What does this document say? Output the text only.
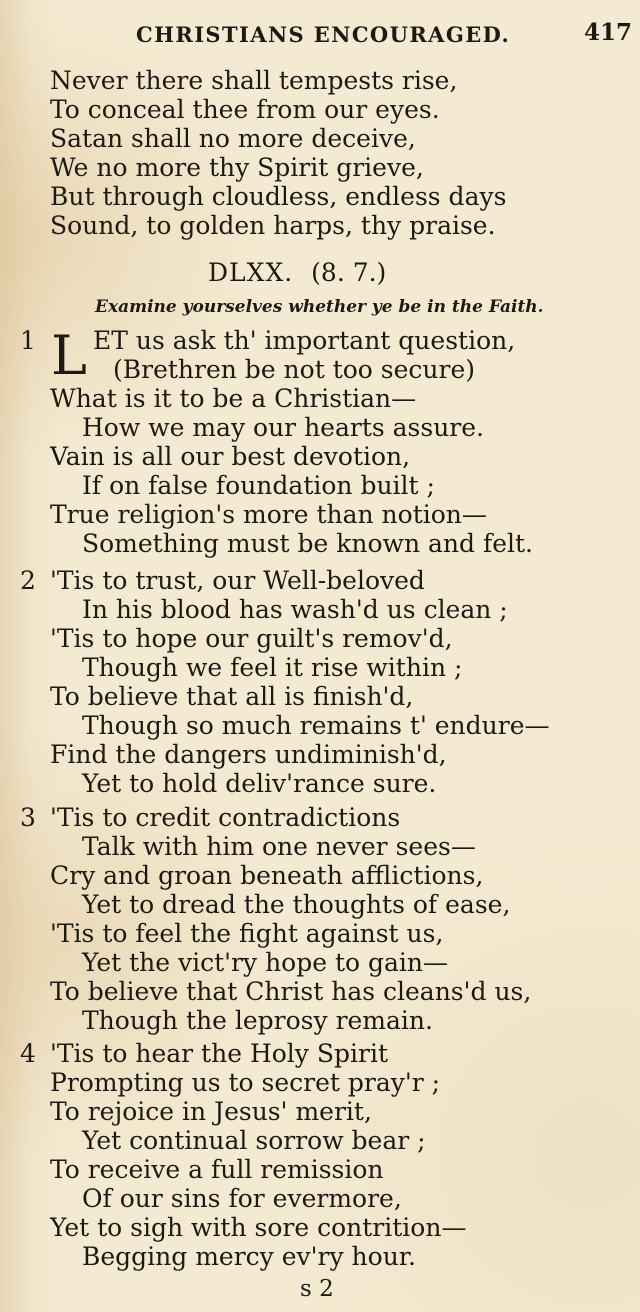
CHRISTIANS ENCOURAGED.	417
Never there shall tempests rise,
To conceal thee from our eyes.
Satan shall no more deceive,
We no more thy Spirit grieve,
But through cloudless, endless days
Sound, to golden harps, thy praise.
DLXX. (8. 7.)
Examine yourselves whether ye be in the Faith.
1 L ET us ask th' important question,
(Brethren be not too secure)
What is it to be a Christian—
How we may our hearts assure.
Vain is all our best devotion,
If on false foundation built ;
True religion's more than notion—
Something must be known and felt.
2 'Tis to trust, our Well-beloved
In his blood has wash'd us clean ;
'Tis to hope our guilt's remov'd,
Though we feel it rise within ;
To believe that all is finish'd,
Though so much remains t' endure—
Find the dangers undiminish'd,
Yet to hold deliv'rance sure.
3 'Tis to credit contradictions
Talk with him one never sees—
Cry and groan beneath afflictions,
Yet to dread the thoughts of ease,
'Tis to feel the fight against us,
Yet the vict'ry hope to gain—
To believe that Christ has cleans'd us,
Though the leprosy remain.
4 'Tis to hear the Holy Spirit
Prompting us to secret pray'r ;
To rejoice in Jesus' merit,
Yet continual sorrow bear ;
To receive a full remission
Of our sins for evermore,
Yet to sigh with sore contrition—
Begging mercy ev'ry hour.
s 2
